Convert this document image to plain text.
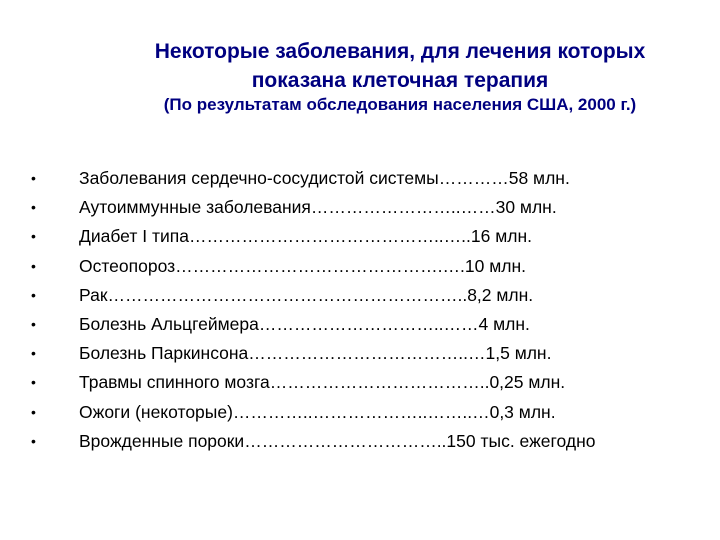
Некоторые заболевания, для лечения которых
показана клеточная терапия
(По результатам обследования населения США, 2000 г.)
• Заболевания сердечно-сосудистой системы…………58 млн.
• Аутоиммунные заболевания……………………..……30 млн.
• Диабет I типа……………………………………..…..16 млн.
• Остеопороз……………………………………….….10 млн.
• Рак……………………………………………………..8,2 млн.
• Болезнь Альцгеймера…………………………..……4 млн.
• Болезнь Паркинсона………………………………..…1,5 млн.
• Травмы спинного мозга………………………………..0,25 млн.
• Ожоги (некоторые)…………..………………..……..…0,3 млн.
• Врожденные пороки……………………………..150 тыс. ежегодно
